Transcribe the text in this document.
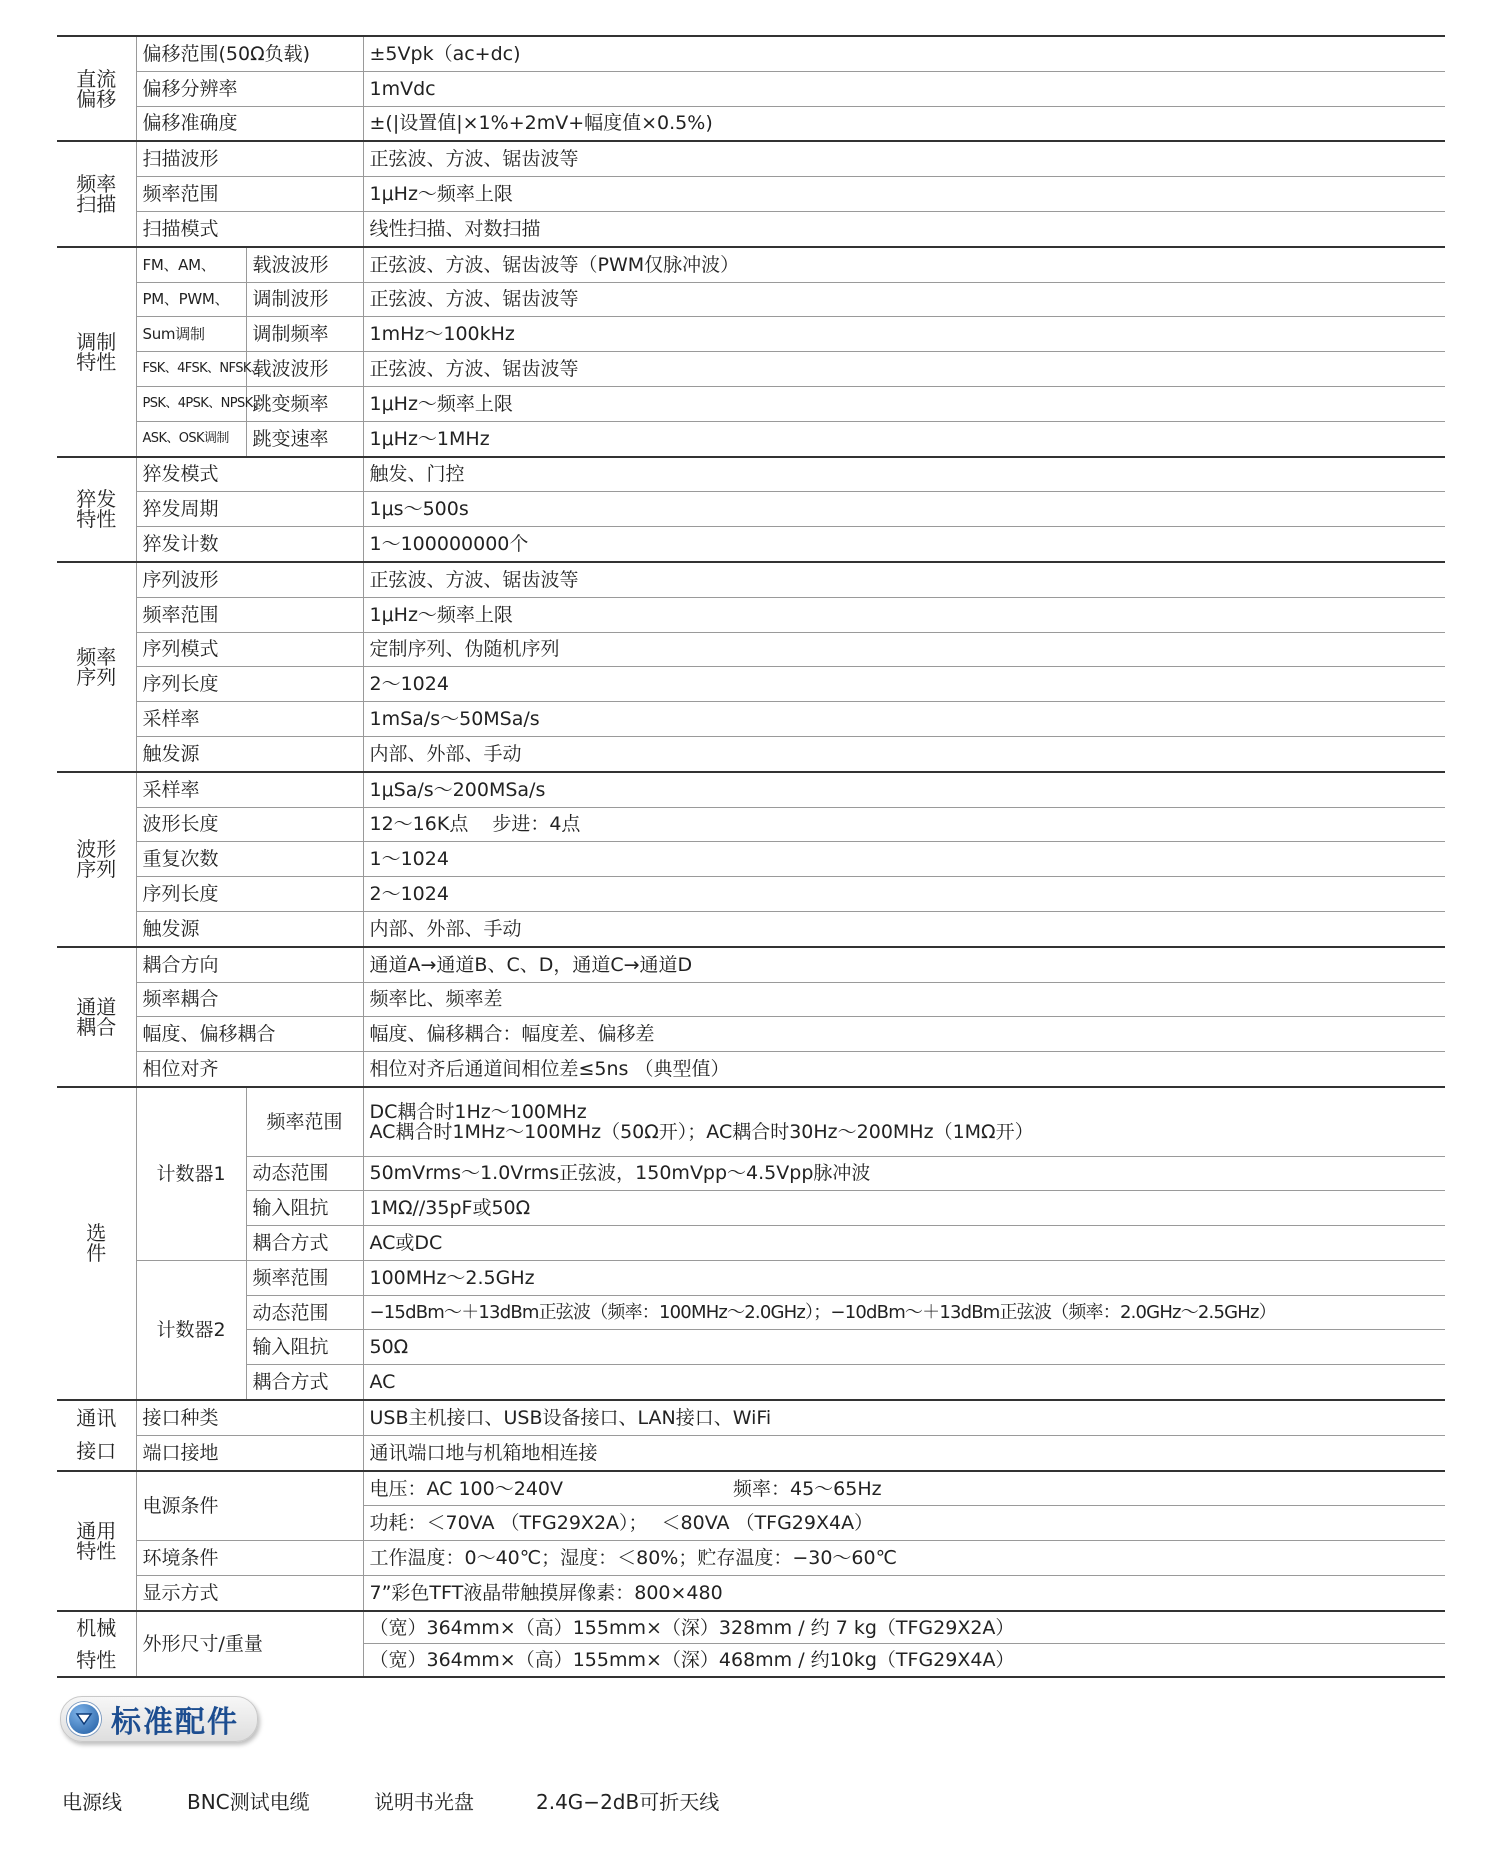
直流
偏移	偏移范围(50Ω负载)		±5Vpk（ac+dc)
	偏移分辨率		1mVdc
	偏移准确度		±(|设置值|×1%+2mV+幅度值×0.5%)

频率
扫描	扫描波形		正弦波、方波、锯齿波等
	频率范围		1μHz～频率上限
	扫描模式		线性扫描、对数扫描

调制
特性	FM、AM、	载波波形	正弦波、方波、锯齿波等（PWM仅脉冲波）
	PM、PWM、	调制波形	正弦波、方波、锯齿波等
	Sum调制	调制频率	1mHz～100kHz
	FSK、4FSK、NFSK、	载波波形	正弦波、方波、锯齿波等
	PSK、4PSK、NPSK、	跳变频率	1μHz～频率上限
	ASK、OSK调制	跳变速率	1μHz～1MHz

猝发
特性	猝发模式		触发、门控
	猝发周期		1μs～500s
	猝发计数		1～100000000个

频率
序列	序列波形		正弦波、方波、锯齿波等
	频率范围		1μHz～频率上限
	序列模式		定制序列、伪随机序列
	序列长度		2～1024
	采样率		1mSa/s～50MSa/s
	触发源		内部、外部、手动

波形
序列	采样率		1μSa/s～200MSa/s
	波形长度		12～16K点 步进：4点
	重复次数		1～1024
	序列长度		2～1024
	触发源		内部、外部、手动

通道
耦合	耦合方向		通道A→通道B、C、D，通道C→通道D
	频率耦合		频率比、频率差
	幅度、偏移耦合		幅度、偏移耦合：幅度差、偏移差
	相位对齐		相位对齐后通道间相位差≤5ns （典型值）

选
件	计数器1	频率范围	DC耦合时1Hz～100MHz
AC耦合时1MHz～100MHz（50Ω开）；AC耦合时30Hz～200MHz（1MΩ开）

		动态范围	50mVrms～1.0Vrms正弦波，150mVpp～4.5Vpp脉冲波
		输入阻抗	1MΩ//35pF或50Ω
		耦合方式	AC或DC
	计数器2	频率范围	100MHz～2.5GHz
		动态范围	−15dBm～＋13dBm正弦波（频率：100MHz～2.0GHz）；−10dBm～＋13dBm正弦波（频率：2.0GHz～2.5GHz）
		输入阻抗	50Ω
		耦合方式	AC

通讯
接口	接口种类		USB主机接口、USB设备接口、LAN接口、WiFi
	端口接地		通讯端口地与机箱地相连接

通用
特性	电源条件		电压：AC 100～240V 频率：45～65Hz
			功耗：＜70VA （TFG29X2A）； ＜80VA （TFG29X4A）
	环境条件		工作温度：0～40℃；湿度：＜80%；贮存温度：−30～60℃
	显示方式		7”彩色TFT液晶带触摸屏像素：800×480

机械
特性	外形尺寸/重量		（宽）364mm×（高）155mm×（深）328mm / 约 7 kg（TFG29X2A）
			（宽）364mm×（高）155mm×（深）468mm / 约10kg（TFG29X4A）
标准配件
电源线	BNC测试电缆	说明书光盘	2.4G−2dB可折天线
